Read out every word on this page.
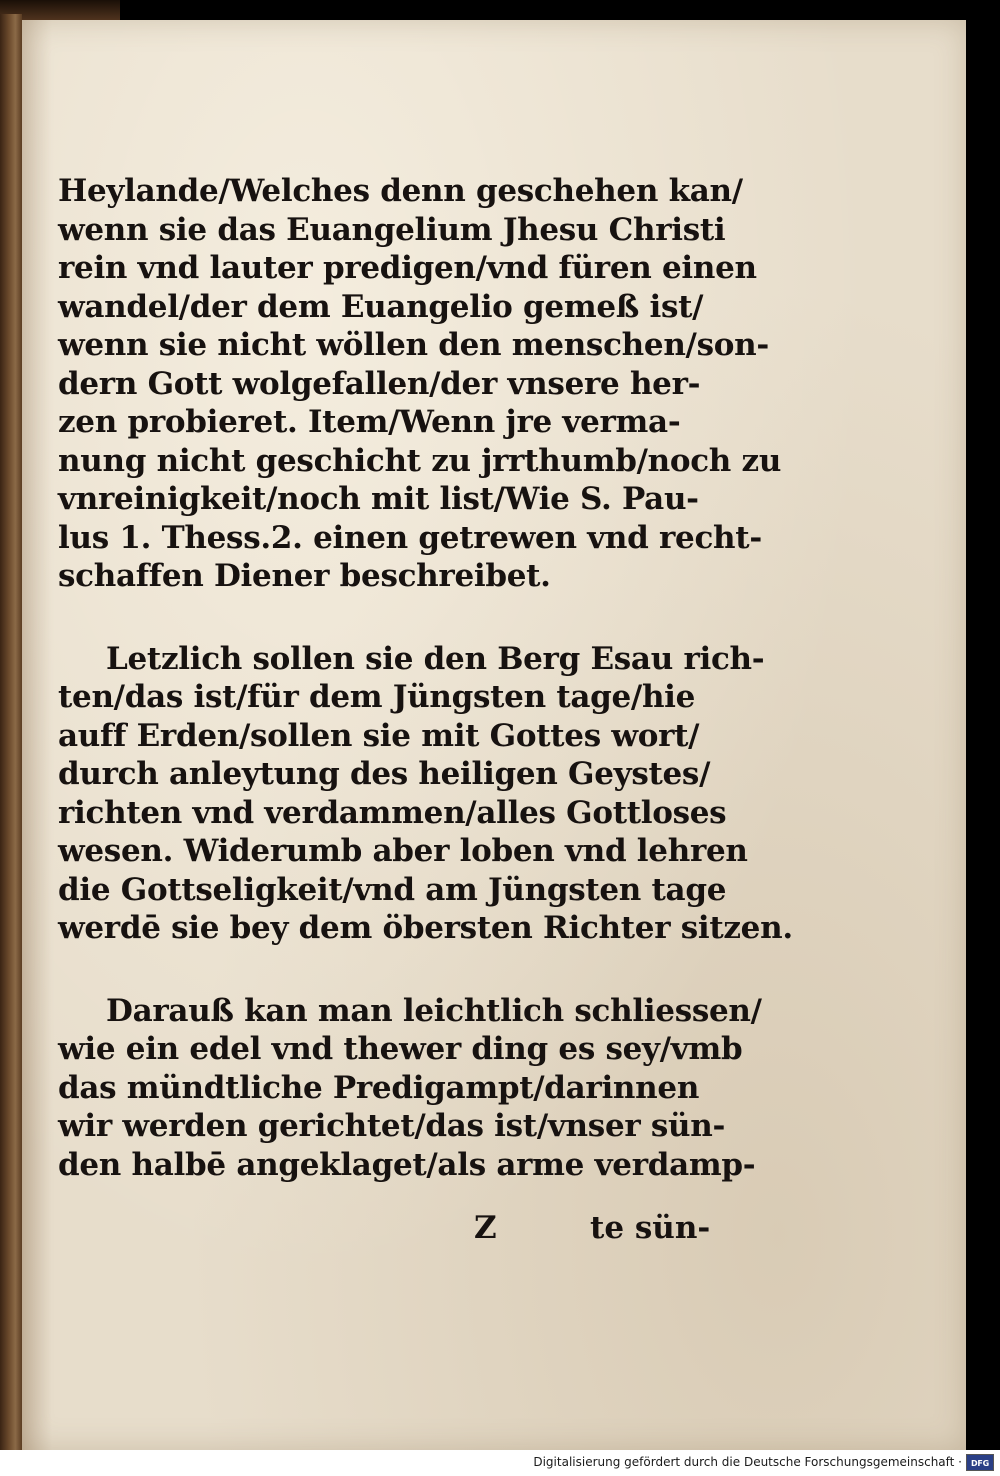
Heylande/Welches denn geschehen kan/
wenn sie das Euangelium Jhesu Christi
rein vnd lauter predigen/vnd füren einen
wandel/der dem Euangelio gemeß ist/
wenn sie nicht wöllen den menschen/son-
dern Gott wolgefallen/der vnsere her-
zen probieret. Item/Wenn jre verma-
nung nicht geschicht zu jrrthumb/noch zu
vnreinigkeit/noch mit list/Wie S. Pau-
lus 1. Thess.2. einen getrewen vnd recht-
schaffen Diener beschreibet.
Letzlich sollen sie den Berg Esau rich-
ten/das ist/für dem Jüngsten tage/hie
auff Erden/sollen sie mit Gottes wort/
durch anleytung des heiligen Geystes/
richten vnd verdammen/alles Gottloses
wesen. Widerumb aber loben vnd lehren
die Gottseligkeit/vnd am Jüngsten tage
werdē sie bey dem öbersten Richter sitzen.
Darauß kan man leichtlich schliessen/
wie ein edel vnd thewer ding es sey/vmb
das mündtliche Predigampt/darinnen
wir werden gerichtet/das ist/vnser sün-
den halbē angeklaget/als arme verdamp-
Z	te sün-
Digitalisierung gefördert durch die Deutsche Forschungsgemeinschaft ·	DFG
